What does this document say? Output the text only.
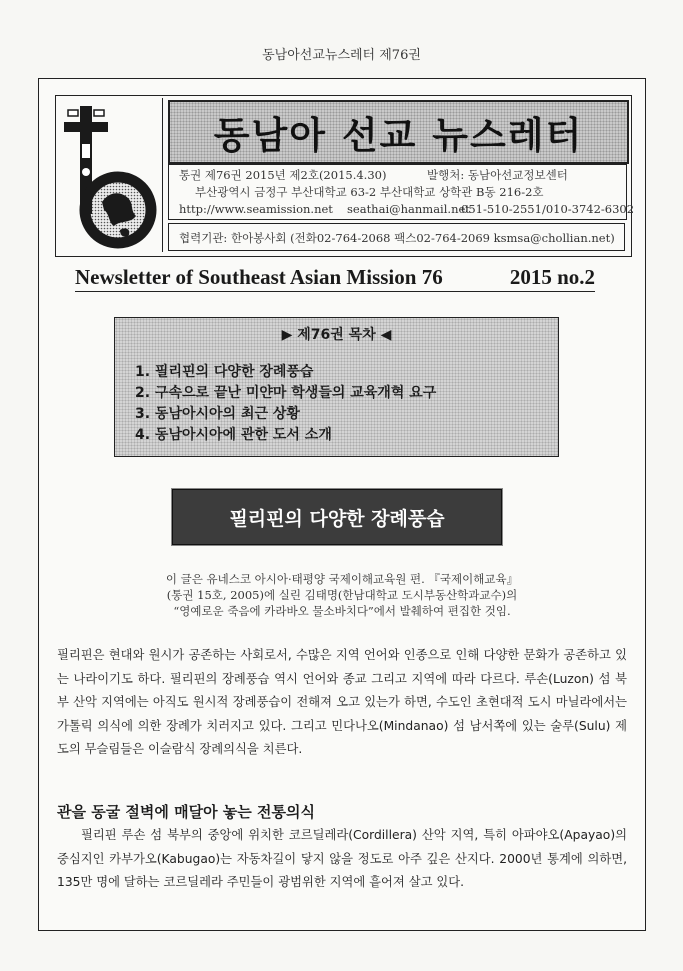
동남아선교뉴스레터 제76권
동남아 선교 뉴스레터
통권 제76권 2015년 제2호(2015.4.30)	발행처: 동남아선교정보센터
부산광역시 금정구 부산대학교 63-2 부산대학교 상학관 B동 216-2호
http://www.seamission.net seathai@hanmail.net
051-510-2551/010-3742-6302
협력기관: 한아봉사회 (전화02-764-2068 팩스02-764-2069 ksmsa@chollian.net)
Newsletter of Southeast Asian Mission 76	2015 no.2
▶ 제76권 목차 ◀
1. 필리핀의 다양한 장례풍습
2. 구속으로 끝난 미얀마 학생들의 교육개혁 요구
3. 동남아시아의 최근 상황
4. 동남아시아에 관한 도서 소개
필리핀의 다양한 장례풍습
이 글은 유네스코 아시아·태평양 국제이해교육원 편. 『국제이해교육』
(통권 15호, 2005)에 실린 김태명(한남대학교 도시부동산학과교수)의
“영예로운 죽음에 카라바오 물소바치다”에서 발췌하여 편집한 것임.

필리핀은 현대와 원시가 공존하는 사회로서, 수많은 지역 언어와 인종으로 인해 다양한 문화가 공존하고 있는 나라이기도 하다. 필리핀의 장례풍습 역시 언어와 종교 그리고 지역에 따라 다르다. 루손(Luzon) 섬 북부 산악 지역에는 아직도 원시적 장례풍습이 전해져 오고 있는가 하면, 수도인 초현대적 도시 마닐라에서는 가톨릭 의식에 의한 장례가 치러지고 있다. 그리고 민다나오(Mindanao) 섬 남서쪽에 있는 술루(Sulu) 제도의 무슬림들은 이슬람식 장례의식을 치른다.

관을 동굴 절벽에 매달아 놓는 전통의식

필리핀 루손 섬 북부의 중앙에 위치한 코르딜레라(Cordillera) 산악 지역, 특히 아파야오(Apayao)의 중심지인 카부가오(Kabugao)는 자동차길이 닿지 않을 정도로 아주 깊은 산지다. 2000년 통계에 의하면, 135만 명에 달하는 코르딜레라 주민들이 광범위한 지역에 흩어져 살고 있다.
